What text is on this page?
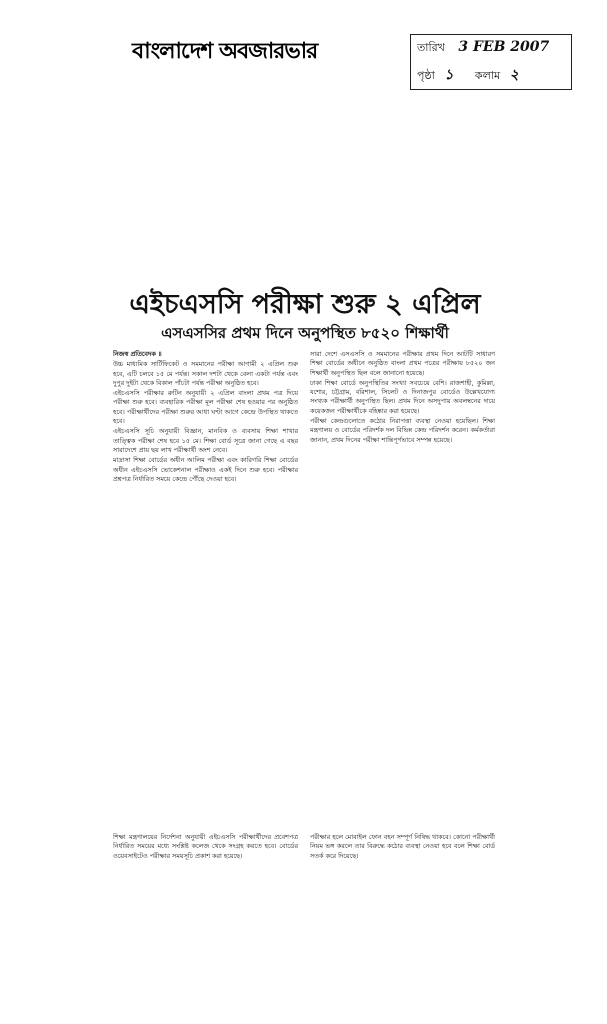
বাংলাদেশ অবজারভার	তারিখ 3 FEB 2007
পৃষ্ঠা ১ কলাম ২
এইচএসসি পরীক্ষা শুরু ২ এপ্রিল
এসএসসির প্রথম দিনে অনুপস্থিত ৮৫২০ শিক্ষার্থী

নিজস্ব প্রতিবেদক ॥

উচ্চ মাধ্যমিক সার্টিফিকেট ও সমমানের পরীক্ষা আগামী ২ এপ্রিল শুরু হবে, এটি চলবে ১৫ মে পর্যন্ত। সকাল দশটা থেকে বেলা একটা পর্যন্ত এবং দুপুর দুইটা থেকে বিকাল পাঁচটা পর্যন্ত পরীক্ষা অনুষ্ঠিত হবে।

এইচএসসি পরীক্ষার রুটিন অনুযায়ী ২ এপ্রিল বাংলা প্রথম পত্র দিয়ে পরীক্ষা শুরু হবে। ব্যবহারিক পরীক্ষা মূল পরীক্ষা শেষ হওয়ার পর অনুষ্ঠিত হবে। পরীক্ষার্থীদের পরীক্ষা শুরুর আধা ঘণ্টা আগে কেন্দ্রে উপস্থিত থাকতে হবে।

এইচএসসি সূচি অনুযায়ী বিজ্ঞান, মানবিক ও ব্যবসায় শিক্ষা শাখার তাত্ত্বিক পরীক্ষা শেষ হবে ১৫ মে। শিক্ষা বোর্ড সূত্রে জানা গেছে এ বছর সারাদেশে প্রায় ছয় লাখ পরীক্ষার্থী অংশ নেবে।

মাদ্রাসা শিক্ষা বোর্ডের অধীন আলিম পরীক্ষা এবং কারিগরি শিক্ষা বোর্ডের অধীন এইচএসসি ভোকেশনাল পরীক্ষাও একই দিনে শুরু হবে। পরীক্ষার প্রশ্নপত্র নির্ধারিত সময়ে কেন্দ্রে পৌঁছে দেওয়া হবে।

সারা দেশে এসএসসি ও সমমানের পরীক্ষার প্রথম দিনে আটটি সাধারণ শিক্ষা বোর্ডের অধীনে অনুষ্ঠিত বাংলা প্রথম পত্রের পরীক্ষায় ৮৫২০ জন শিক্ষার্থী অনুপস্থিত ছিল বলে জানানো হয়েছে।

ঢাকা শিক্ষা বোর্ডে অনুপস্থিতির সংখ্যা সবচেয়ে বেশি। রাজশাহী, কুমিল্লা, যশোর, চট্টগ্রাম, বরিশাল, সিলেট ও দিনাজপুর বোর্ডেও উল্লেখযোগ্য সংখ্যক পরীক্ষার্থী অনুপস্থিত ছিল। প্রথম দিনে অসদুপায় অবলম্বনের দায়ে কয়েকজন পরীক্ষার্থীকে বহিষ্কার করা হয়েছে।

পরীক্ষা কেন্দ্রগুলোতে কঠোর নিরাপত্তা ব্যবস্থা নেওয়া হয়েছিল। শিক্ষা মন্ত্রণালয় ও বোর্ডের পরিদর্শক দল বিভিন্ন কেন্দ্র পরিদর্শন করেন। কর্মকর্তারা জানান, প্রথম দিনের পরীক্ষা শান্তিপূর্ণভাবে সম্পন্ন হয়েছে।

শিক্ষা মন্ত্রণালয়ের নির্দেশনা অনুযায়ী এইচএসসি পরীক্ষার্থীদের প্রবেশপত্র নির্ধারিত সময়ের মধ্যে সংশ্লিষ্ট কলেজ থেকে সংগ্রহ করতে হবে। বোর্ডের ওয়েবসাইটেও পরীক্ষার সময়সূচি প্রকাশ করা হয়েছে।

পরীক্ষার হলে মোবাইল ফোন বহন সম্পূর্ণ নিষিদ্ধ থাকবে। কোনো পরীক্ষার্থী নিয়ম ভঙ্গ করলে তার বিরুদ্ধে কঠোর ব্যবস্থা নেওয়া হবে বলে শিক্ষা বোর্ড সতর্ক করে দিয়েছে।
